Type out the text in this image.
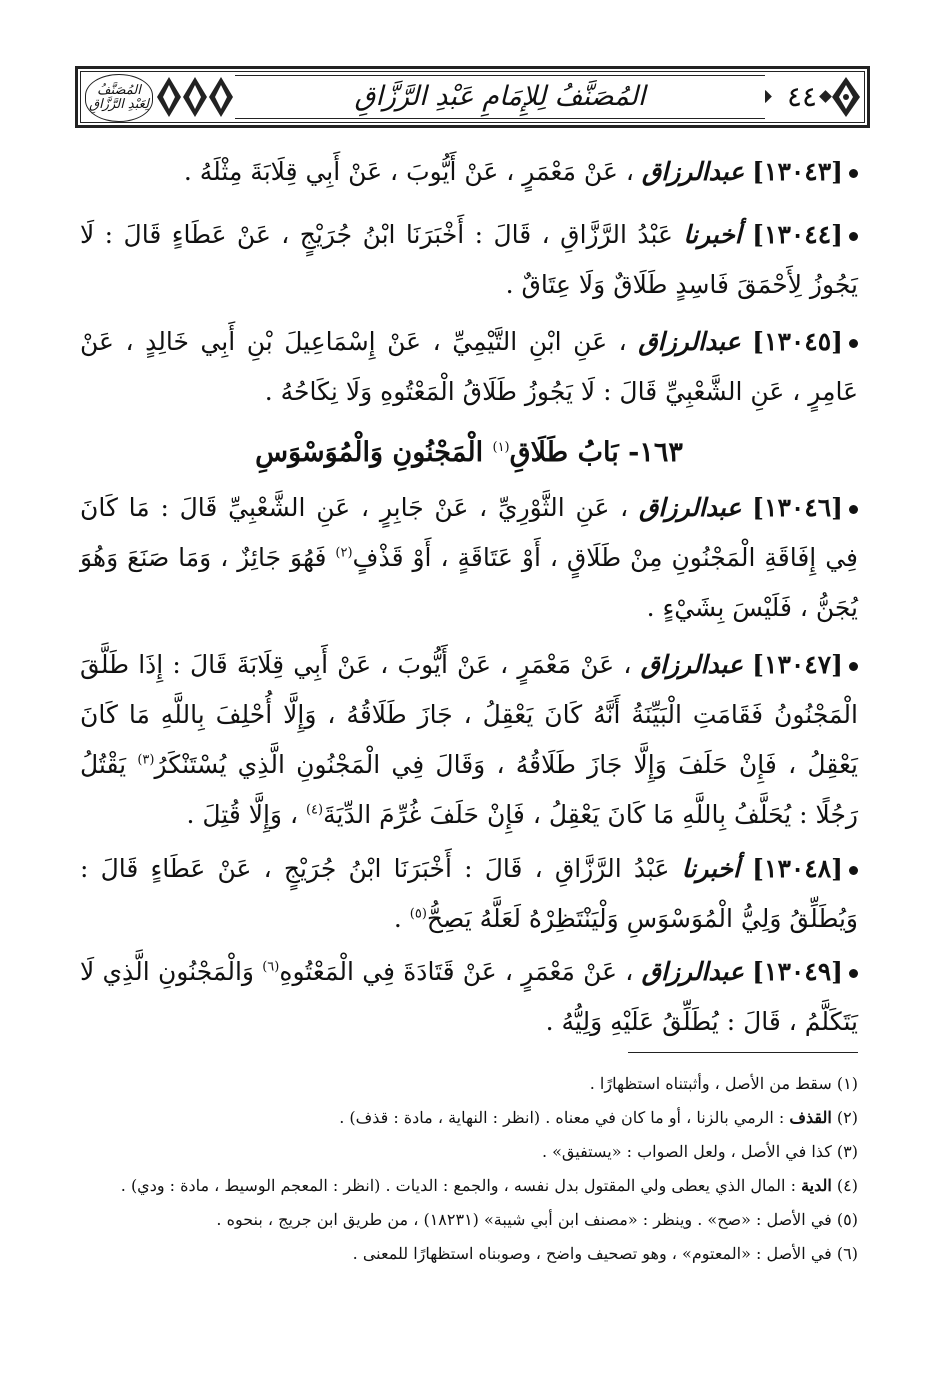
٤٤
المُصَنَّفُ لِلإِمَامِ عَبْدِ الرَّزَّاقِ
المُصَنَّفُ لِعَبْدِ الرَّزَّاقِ
[١٣٠٤٣] عبدالرزاق ، عَنْ مَعْمَرٍ ، عَنْ أَيُّوبَ ، عَنْ أَبِي قِلَابَةَ مِثْلَهُ .
[١٣٠٤٤] أخبرنا عَبْدُ الرَّزَّاقِ ، قَالَ : أَخْبَرَنَا ابْنُ جُرَيْجٍ ، عَنْ عَطَاءٍ قَالَ : لَا يَجُوزُ لِأَحْمَقَ فَاسِدٍ طَلَاقٌ وَلَا عِتَاقٌ .
[١٣٠٤٥] عبدالرزاق ، عَنِ ابْنِ التَّيْمِيِّ ، عَنْ إِسْمَاعِيلَ بْنِ أَبِي خَالِدٍ ، عَنْ عَامِرٍ ، عَنِ الشَّعْبِيِّ قَالَ : لَا يَجُوزُ طَلَاقُ الْمَعْتُوهِ وَلَا نِكَاحُهُ .
١٦٣- بَابُ طَلَاقِ$^{(١)}$ الْمَجْنُونِ وَالْمُوَسْوَسِ
[١٣٠٤٦] عبدالرزاق ، عَنِ الثَّوْرِيِّ ، عَنْ جَابِرٍ ، عَنِ الشَّعْبِيِّ قَالَ : مَا كَانَ فِي إِفَاقَةِ الْمَجْنُونِ مِنْ طَلَاقٍ ، أَوْ عَتَاقَةٍ ، أَوْ قَذْفٍ$^{(٢)}$ فَهُوَ جَائِزٌ ، وَمَا صَنَعَ وَهُوَ يُجَنُّ ، فَلَيْسَ بِشَيْءٍ .
[١٣٠٤٧] عبدالرزاق ، عَنْ مَعْمَرٍ ، عَنْ أَيُّوبَ ، عَنْ أَبِي قِلَابَةَ قَالَ : إِذَا طَلَّقَ الْمَجْنُونُ فَقَامَتِ الْبَيِّنَةُ أَنَّهُ كَانَ يَعْقِلُ ، جَازَ طَلَاقُهُ ، وَإِلَّا أُحْلِفَ بِاللَّهِ مَا كَانَ يَعْقِلُ ، فَإِنْ حَلَفَ وَإِلَّا جَازَ طَلَاقُهُ ، وَقَالَ فِي الْمَجْنُونِ الَّذِي يُسْتَنْكَرُ$^{(٣)}$ يَقْتُلُ رَجُلًا : يُحَلَّفُ بِاللَّهِ مَا كَانَ يَعْقِلُ ، فَإِنْ حَلَفَ غُرِّمَ الدِّيَةَ$^{(٤)}$ ، وَإِلَّا قُتِلَ .
[١٣٠٤٨] أخبرنا عَبْدُ الرَّزَّاقِ ، قَالَ : أَخْبَرَنَا ابْنُ جُرَيْجٍ ، عَنْ عَطَاءٍ قَالَ : وَيُطَلِّقُ وَلِيُّ الْمُوَسْوَسِ وَلْيَنْتَظِرْهُ لَعَلَّهُ يَصِحُّ$^{(٥)}$ .
[١٣٠٤٩] عبدالرزاق ، عَنْ مَعْمَرٍ ، عَنْ قَتَادَةَ فِي الْمَعْتُوهِ$^{(٦)}$ وَالْمَجْنُونِ الَّذِي لَا يَتَكَلَّمُ ، قَالَ : يُطَلِّقُ عَلَيْهِ وَلِيُّهُ .
(١) سقط من الأصل ، وأثبتناه استظهارًا .
(٢) القذف : الرمي بالزنا ، أو ما كان في معناه . (انظر : النهاية ، مادة : قذف) .
(٣) كذا في الأصل ، ولعل الصواب : «يستفيق» .
(٤) الدية : المال الذي يعطى ولي المقتول بدل نفسه ، والجمع : الديات . (انظر : المعجم الوسيط ، مادة : ودي) .
(٥) في الأصل : «صح» . وينظر : «مصنف ابن أبي شيبة» (١٨٢٣١) ، من طريق ابن جريج ، بنحوه .
(٦) في الأصل : «المعتوم» ، وهو تصحيف واضح ، وصوبناه استظهارًا للمعنى .
